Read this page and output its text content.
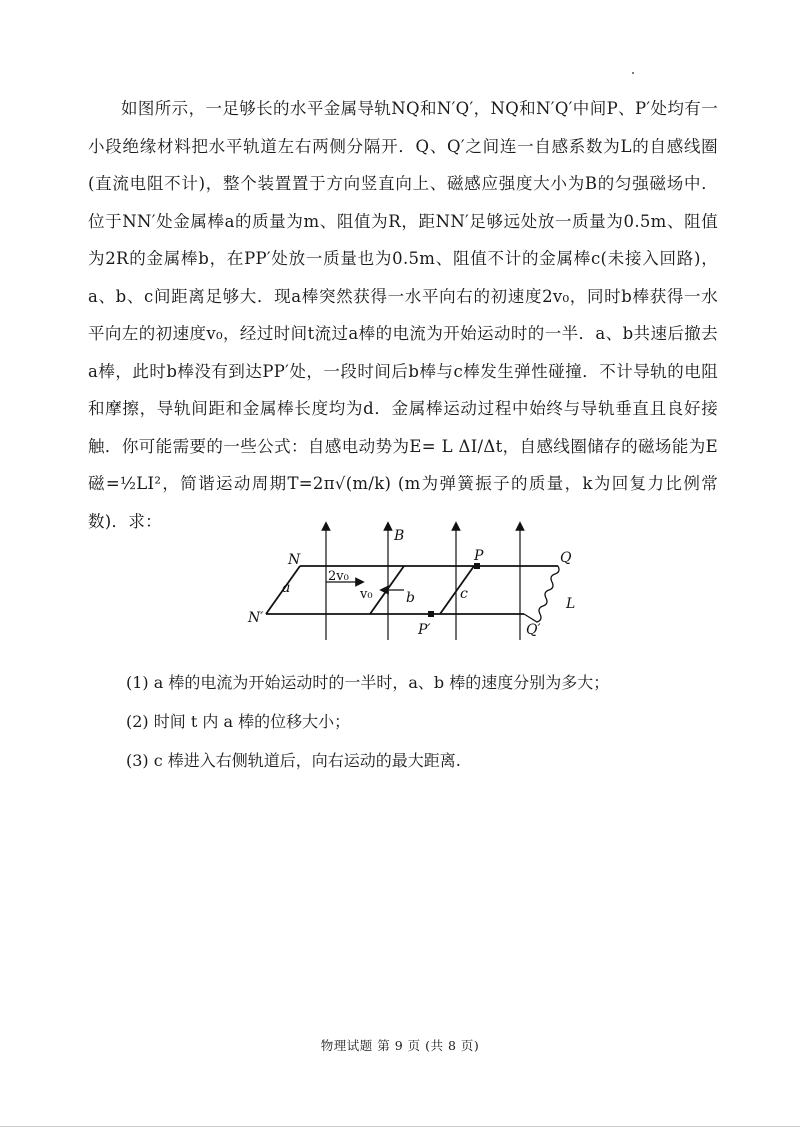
如图所示，一足够长的水平金属导轨NQ和N′Q′，NQ和N′Q′中间P、P′处均有一小段绝缘材料把水平轨道左右两侧分隔开．Q、Q′之间连一自感系数为L的自感线圈(直流电阻不计)，整个装置置于方向竖直向上、磁感应强度大小为B的匀强磁场中．位于NN′处金属棒a的质量为m、阻值为R，距NN′足够远处放一质量为0.5m、阻值为2R的金属棒b，在PP′处放一质量也为0.5m、阻值不计的金属棒c(未接入回路)，a、b、c间距离足够大．现a棒突然获得一水平向右的初速度2v₀，同时b棒获得一水平向左的初速度v₀，经过时间t流过a棒的电流为开始运动时的一半．a、b共速后撤去a棒，此时b棒没有到达PP′处，一段时间后b棒与c棒发生弹性碰撞．不计导轨的电阻和摩擦，导轨间距和金属棒长度均为d．金属棒运动过程中始终与导轨垂直且良好接触．你可能需要的一些公式：自感电动势为E= L ΔI/Δt，自感线圈储存的磁场能为E磁=½LI²，简谐运动周期T=2π√(m/k) (m为弹簧振子的质量，k为回复力比例常数)．求：

B
N
N′
P
P′
Q
Q′
a
b	c
L
2v₀
v₀

(1) a 棒的电流为开始运动时的一半时，a、b 棒的速度分别为多大；

(2) 时间 t 内 a 棒的位移大小；

(3) c 棒进入右侧轨道后，向右运动的最大距离.

物理试题 第 9 页 (共 8 页)
